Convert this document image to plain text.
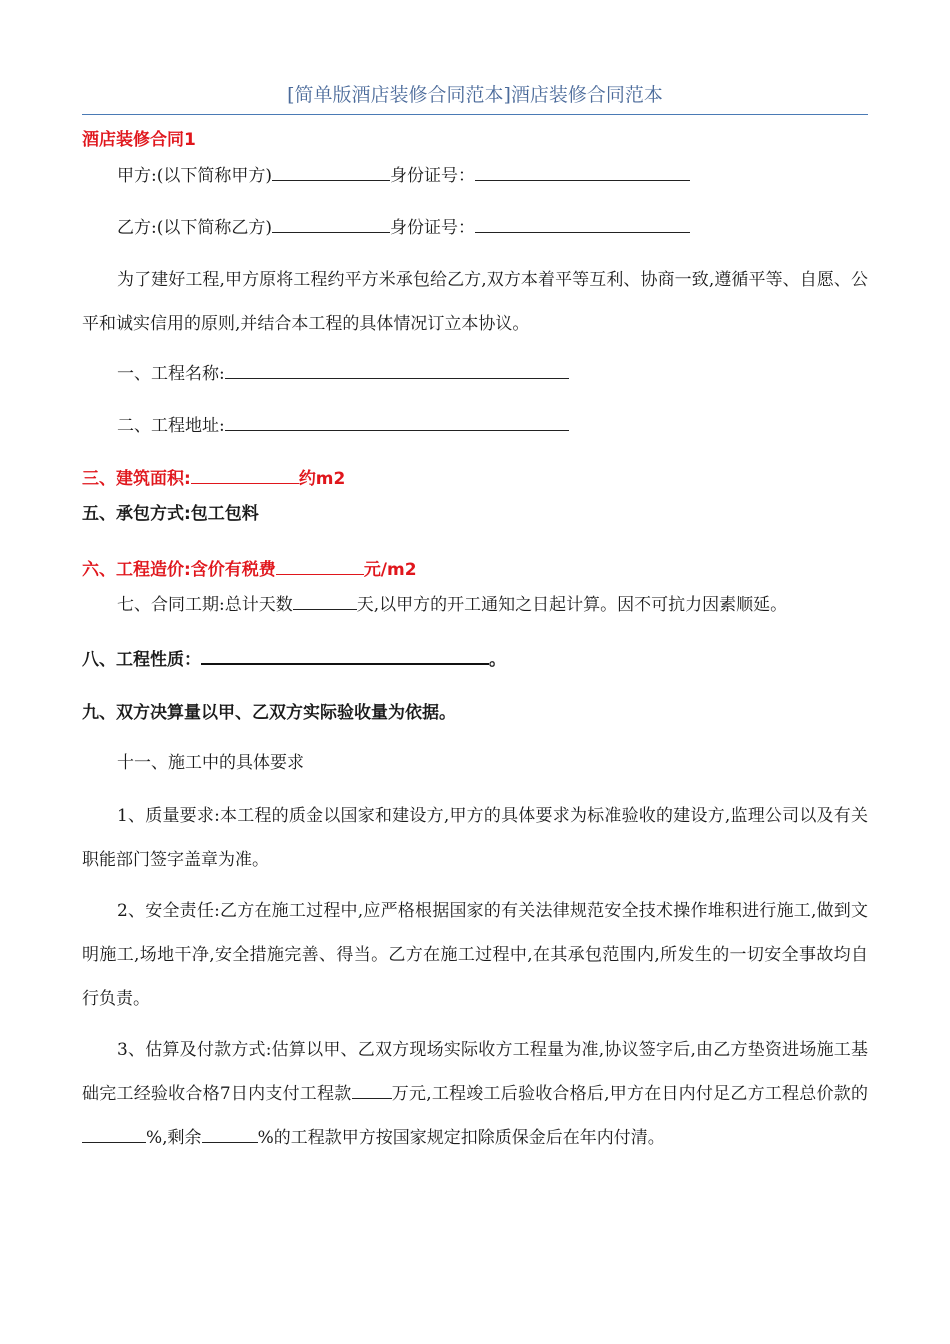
[简单版酒店装修合同范本]酒店装修合同范本
酒店装修合同1
甲方:(以下简称甲方)	身份证号：
乙方:(以下简称乙方)	身份证号：
为了建好工程,甲方原将工程约平方米承包给乙方,双方本着平等互利、协商一致,遵循平等、自愿、公平和诚实信用的原则,并结合本工程的具体情况订立本协议。
一、工程名称:
二、工程地址:
三、建筑面积:	约m2
五、承包方式:包工包料
六、工程造价:含价有税费	元/m2
七、合同工期:总计天数	天,以甲方的开工通知之日起计算。因不可抗力因素顺延。
八、工程性质：	。
九、双方决算量以甲、乙双方实际验收量为依据。
十一、施工中的具体要求
1、质量要求:本工程的质金以国家和建设方,甲方的具体要求为标准验收的建设方,监理公司以及有关职能部门签字盖章为准。
2、安全责任:乙方在施工过程中,应严格根据国家的有关法律规范安全技术操作堆积进行施工,做到文明施工,场地干净,安全措施完善、得当。乙方在施工过程中,在其承包范围内,所发生的一切安全事故均自行负责。
3、估算及付款方式:估算以甲、乙双方现场实际收方工程量为准,协议签字后,由乙方垫资进场施工基础完工经验收合格7日内支付工程款 万元,工程竣工后验收合格后,甲方在日内付足乙方工程总价款的%,剩余	%的工程款甲方按国家规定扣除质保金后在年内付清。
